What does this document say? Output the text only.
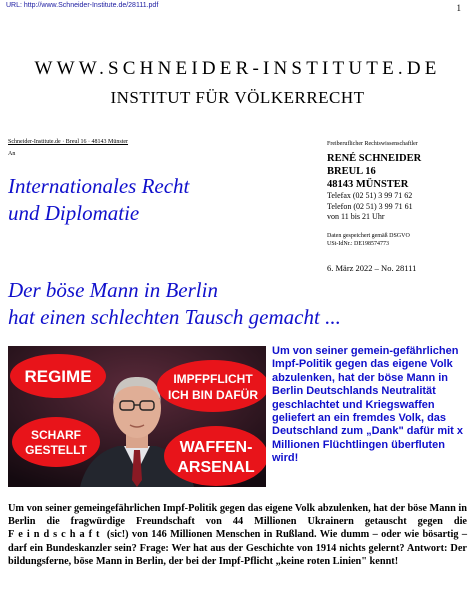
URL: http://www.Schneider-Institute.de/28111.pdf	1
WWW.SCHNEIDER-INSTITUTE.DE
INSTITUT FÜR VÖLKERRECHT
Schneider-Institute.de · Breul 16 · 48143 Münster
An
Internationales Recht
und Diplomatie
Freiberuflicher Rechtswissenschaftler
RENÉ SCHNEIDER
BREUL 16
48143 MÜNSTER
Telefax (02 51) 3 99 71 62
Telefon (02 51) 3 99 71 61
von 11 bis 21 Uhr
Daten gespeichert gemäß DSGVO
USt-IdNr.: DE198574773
6. März 2022 – No. 28111
Der böse Mann in Berlin
hat einen schlechten Tausch gemacht ...
REGIME	IMPFPFLICHT
ICH BIN DAFÜR
SCHARF
GESTELLT	WAFFEN-
ARSENAL
Um von seiner gemein-gefährlichen Impf-Politik gegen das eigene Volk abzulenken, hat der böse Mann in Berlin Deutschlands Neutralität geschlachtet und Kriegswaffen geliefert an ein fremdes Volk, das Deutschland zum „Dank" dafür mit x Millionen Flüchtlingen überfluten wird!
Um von seiner gemeingefährlichen Impf-Politik gegen das eigene Volk abzulenken, hat der böse Mann in Berlin die fragwürdige Freundschaft von 44 Millionen Ukrainern getauscht gegen die Feindschaft (sic!) von 146 Millionen Menschen in Rußland. Wie dumm – oder wie bösartig – darf ein Bundeskanzler sein? Frage: Wer hat aus der Geschichte von 1914 nichts gelernt? Antwort: Der bildungsferne, böse Mann in Berlin, der bei der Impf-Pflicht „keine roten Linien" kennt!
